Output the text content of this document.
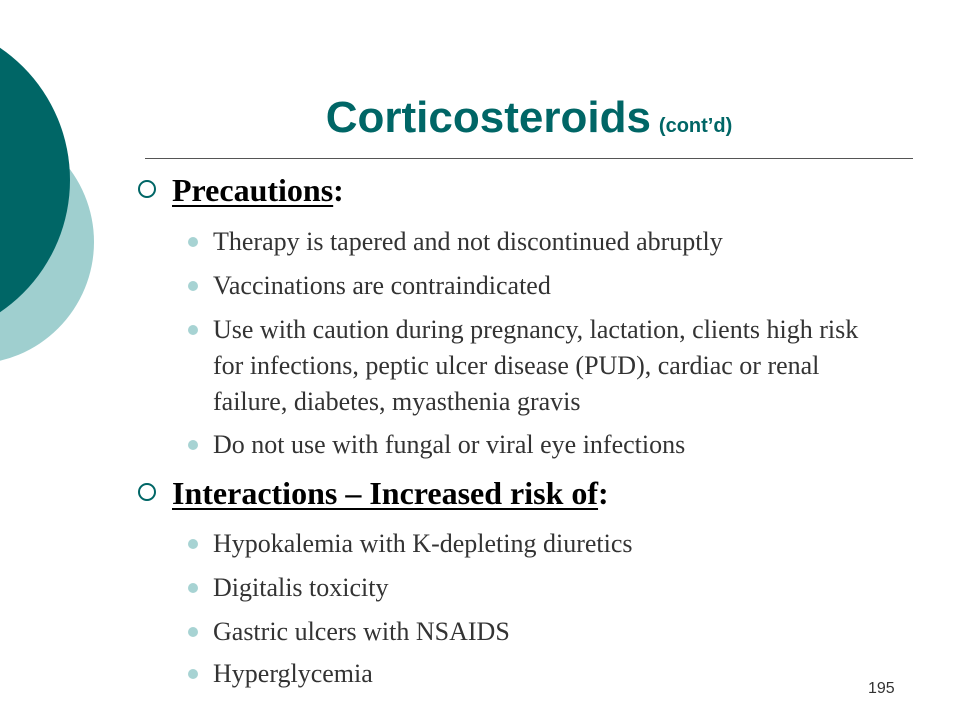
Corticosteroids (cont’d)
Precautions:
Therapy is tapered and not discontinued abruptly
Vaccinations are contraindicated
Use with caution during pregnancy, lactation, clients high risk for infections, peptic ulcer disease (PUD), cardiac or renal failure, diabetes, myasthenia gravis
Do not use with fungal or viral eye infections
Interactions – Increased risk of:
Hypokalemia with K-depleting diuretics
Digitalis toxicity
Gastric ulcers with NSAIDS
Hyperglycemia
195
